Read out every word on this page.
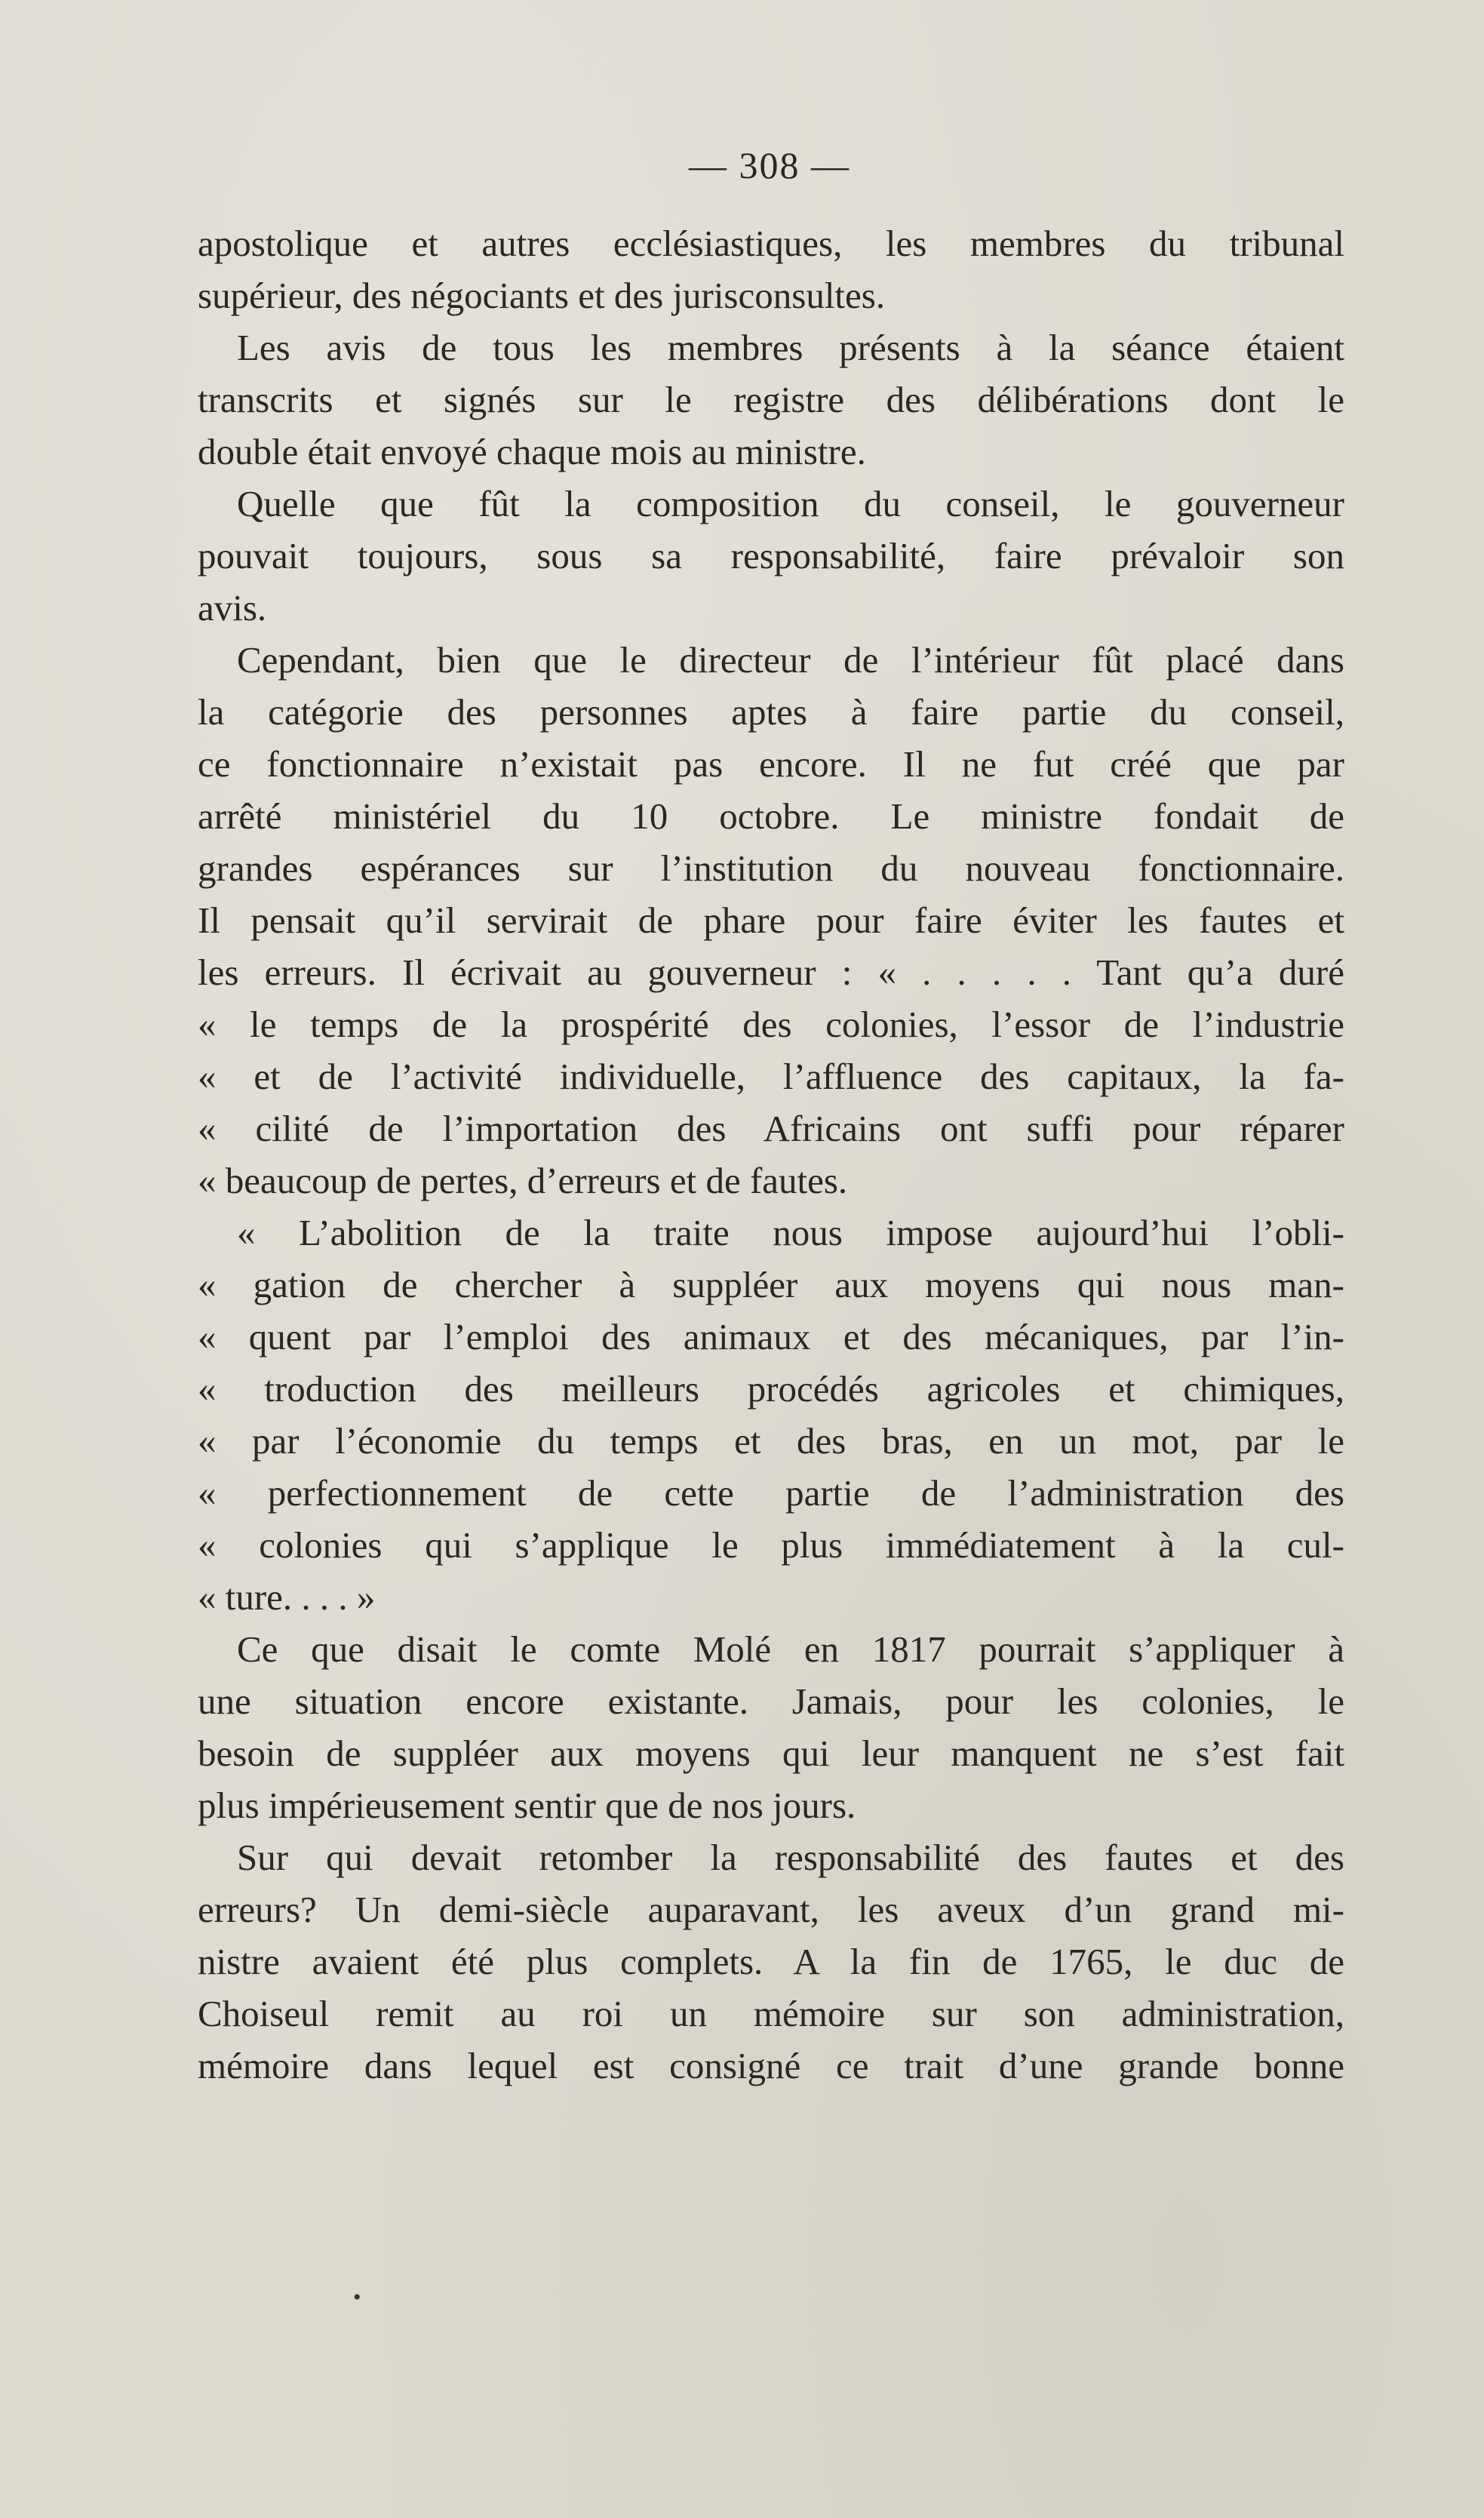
— 308 —
apostolique et autres ecclésiastiques, les membres du tribunal
supérieur, des négociants et des jurisconsultes.
Les avis de tous les membres présents à la séance étaient
transcrits et signés sur le registre des délibérations dont le
double était envoyé chaque mois au ministre.
Quelle que fût la composition du conseil, le gouverneur
pouvait toujours, sous sa responsabilité, faire prévaloir son
avis.
Cependant, bien que le directeur de l’intérieur fût placé dans
la catégorie des personnes aptes à faire partie du conseil,
ce fonctionnaire n’existait pas encore. Il ne fut créé que par
arrêté ministériel du 10 octobre. Le ministre fondait de
grandes espérances sur l’institution du nouveau fonctionnaire.
Il pensait qu’il servirait de phare pour faire éviter les fautes et
les erreurs. Il écrivait au gouverneur : « . . . . . Tant qu’a duré
« le temps de la prospérité des colonies, l’essor de l’industrie
« et de l’activité individuelle, l’affluence des capitaux, la fa-
« cilité de l’importation des Africains ont suffi pour réparer
« beaucoup de pertes, d’erreurs et de fautes.
« L’abolition de la traite nous impose aujourd’hui l’obli-
« gation de chercher à suppléer aux moyens qui nous man-
« quent par l’emploi des animaux et des mécaniques, par l’in-
« troduction des meilleurs procédés agricoles et chimiques,
« par l’économie du temps et des bras, en un mot, par le
« perfectionnement de cette partie de l’administration des
« colonies qui s’applique le plus immédiatement à la cul-
« ture. . . . »
Ce que disait le comte Molé en 1817 pourrait s’appliquer à
une situation encore existante. Jamais, pour les colonies, le
besoin de suppléer aux moyens qui leur manquent ne s’est fait
plus impérieusement sentir que de nos jours.
Sur qui devait retomber la responsabilité des fautes et des
erreurs? Un demi-siècle auparavant, les aveux d’un grand mi-
nistre avaient été plus complets. A la fin de 1765, le duc de
Choiseul remit au roi un mémoire sur son administration,
mémoire dans lequel est consigné ce trait d’une grande bonne
•
